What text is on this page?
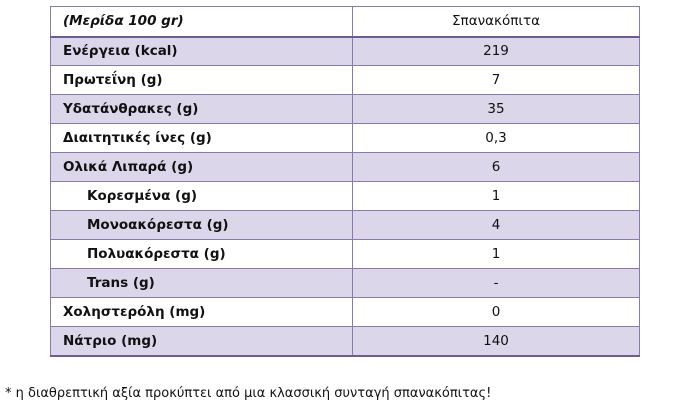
(Μερίδα 100 gr)	Σπανακόπιτα
Ενέργεια (kcal)	219
Πρωτεΐνη (g)	7
Υδατάνθρακες (g)	35
Διαιτητικές ίνες (g)	0,3
Ολικά Λιπαρά (g)	6
Κορεσμένα (g)	1
Μονοακόρεστα (g)	4
Πολυακόρεστα (g)	1
Trans (g)	-
Χοληστερόλη (mg)	0
Νάτριο (mg)	140
* η διαθρεπτική αξία προκύπτει από μια κλασσική συνταγή σπανακόπιτας!
